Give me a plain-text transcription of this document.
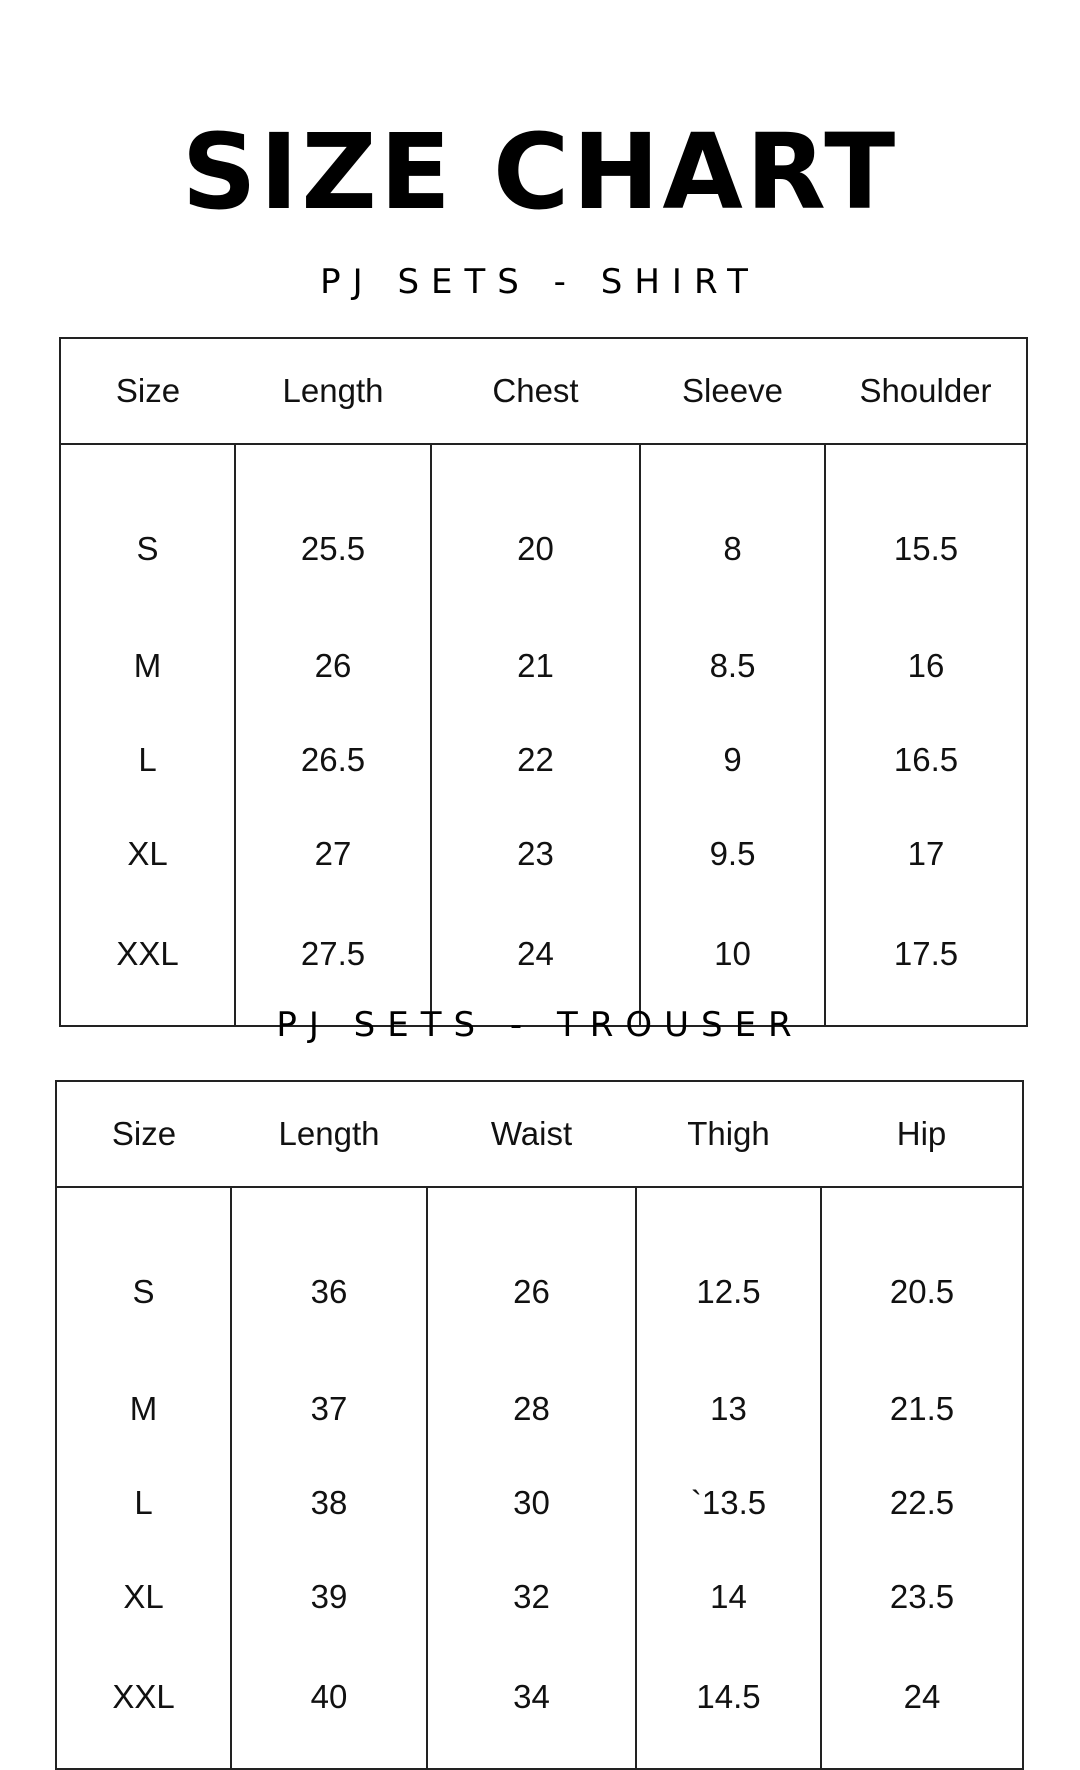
SIZE CHART
PJ SETS - SHIRT
Size	Length	Chest	Sleeve	Shoulder
S	25.5	20	8	15.5
M	26	21	8.5	16
L	26.5	22	9	16.5
XL	27	23	9.5	17
XXL	27.5	24	10	17.5
PJ SETS - TROUSER
Size	Length	Waist	Thigh	Hip
S	36	26	12.5	20.5
M	37	28	13	21.5
L	38	30	`13.5	22.5
XL	39	32	14	23.5
XXL	40	34	14.5	24
